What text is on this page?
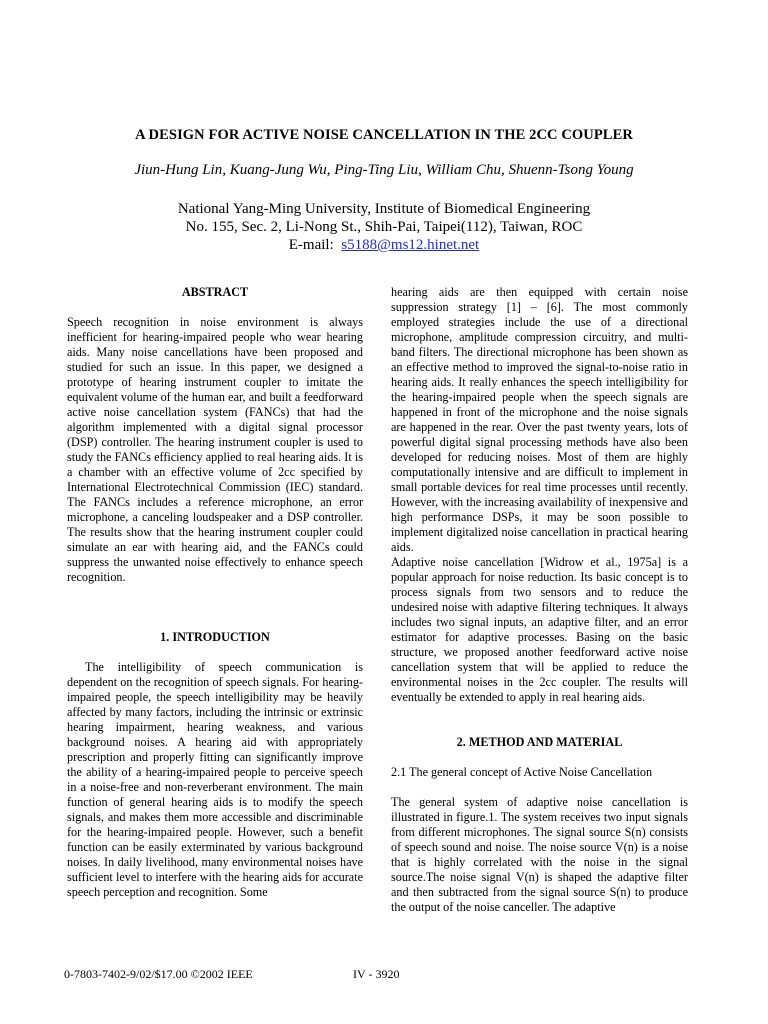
A DESIGN FOR ACTIVE NOISE CANCELLATION IN THE 2CC COUPLER
Jiun-Hung Lin, Kuang-Jung Wu, Ping-Ting Liu, William Chu, Shuenn-Tsong Young
National Yang-Ming University, Institute of Biomedical Engineering
No. 155, Sec. 2, Li-Nong St., Shih-Pai, Taipei(112), Taiwan, ROC
E-mail: s5188@ms12.hinet.net

ABSTRACT

Speech recognition in noise environment is always inefficient for hearing-impaired people who wear hearing aids. Many noise cancellations have been proposed and studied for such an issue. In this paper, we designed a prototype of hearing instrument coupler to imitate the equivalent volume of the human ear, and built a feedforward active noise cancellation system (FANCs) that had the algorithm implemented with a digital signal processor (DSP) controller. The hearing instrument coupler is used to study the FANCs efficiency applied to real hearing aids. It is a chamber with an effective volume of 2cc specified by International Electrotechnical Commission (IEC) standard. The FANCs includes a reference microphone, an error microphone, a canceling loudspeaker and a DSP controller. The results show that the hearing instrument coupler could simulate an ear with hearing aid, and the FANCs could suppress the unwanted noise effectively to enhance speech recognition.

1. INTRODUCTION

The intelligibility of speech communication is dependent on the recognition of speech signals. For hearing-impaired people, the speech intelligibility may be heavily affected by many factors, including the intrinsic or extrinsic hearing impairment, hearing weakness, and various background noises. A hearing aid with appropriately prescription and properly fitting can significantly improve the ability of a hearing-impaired people to perceive speech in a noise-free and non-reverberant environment. The main function of general hearing aids is to modify the speech signals, and makes them more accessible and discriminable for the hearing-impaired people. However, such a benefit function can be easily exterminated by various background noises. In daily livelihood, many environmental noises have sufficient level to interfere with the hearing aids for accurate speech perception and recognition. Some

hearing aids are then equipped with certain noise suppression strategy [1] – [6]. The most commonly employed strategies include the use of a directional microphone, amplitude compression circuitry, and multi-band filters. The directional microphone has been shown as an effective method to improved the signal-to-noise ratio in hearing aids. It really enhances the speech intelligibility for the hearing-impaired people when the speech signals are happened in front of the microphone and the noise signals are happened in the rear. Over the past twenty years, lots of powerful digital signal processing methods have also been developed for reducing noises. Most of them are highly computationally intensive and are difficult to implement in small portable devices for real time processes until recently. However, with the increasing availability of inexpensive and high performance DSPs, it may be soon possible to implement digitalized noise cancellation in practical hearing aids.

Adaptive noise cancellation [Widrow et al., 1975a] is a popular approach for noise reduction. Its basic concept is to process signals from two sensors and to reduce the undesired noise with adaptive filtering techniques. It always includes two signal inputs, an adaptive filter, and an error estimator for adaptive processes. Basing on the basic structure, we proposed another feedforward active noise cancellation system that will be applied to reduce the environmental noises in the 2cc coupler. The results will eventually be extended to apply in real hearing aids.

2. METHOD AND MATERIAL

2.1 The general concept of Active Noise Cancellation

The general system of adaptive noise cancellation is illustrated in figure.1. The system receives two input signals from different microphones. The signal source S(n) consists of speech sound and noise. The noise source V(n) is a noise that is highly correlated with the noise in the signal source.The noise signal V(n) is shaped the adaptive filter and then subtracted from the signal source S(n) to produce the output of the noise canceller. The adaptive

0-7803-7402-9/02/$17.00 ©2002 IEEE	IV - 3920
